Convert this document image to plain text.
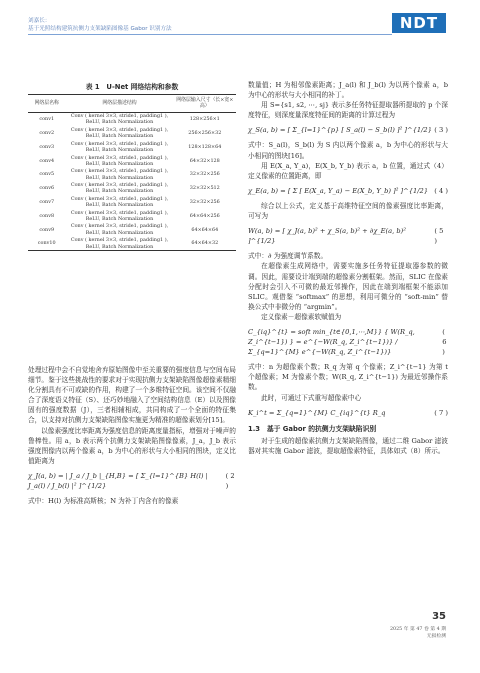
刘嘉长：
基于光照结构建筑抗侧力支架缺陷图像基 Gabor 识别方法	NDT
表 1　U-Net 网络结构和参数
网络层名称	网络层描述结构	网络层输入尺寸（长×宽×高）
conv1	Conv ( kernel 3×3, stride1, padding1 ), ReLU, Batch Normalization	128×256×1
conv2	Conv ( kernel 3×3, stride1, padding1 ), ReLU, Batch Normalization	256×256×32
conv3	Conv ( kernel 3×3, stride1, padding1 ), ReLU, Batch Normalization	128×128×64
conv4	Conv ( kernel 3×3, stride1, padding1 ), ReLU, Batch Normalization	64×32×128
conv5	Conv ( kernel 3×3, stride1, padding1 ), ReLU, Batch Normalization	32×32×256
conv6	Conv ( kernel 3×3, stride1, padding1 ), ReLU, Batch Normalization	32×32×512
conv7	Conv ( kernel 3×3, stride1, padding1 ), ReLU, Batch Normalization	32×32×256
conv8	Conv ( kernel 3×3, stride1, padding1 ), ReLU, Batch Normalization	64×64×256
conv9	Conv ( kernel 3×3, stride1, padding1 ), ReLU, Batch Normalization	64×64×64
conv10	Conv ( kernel 3×3, stride1, padding1 ), ReLU, Batch Normalization	64×64×32

处理过程中会不自觉地舍弃原始图像中至关重要的强度信息与空间布局细节。鉴于这些挑战性的要求对于实现抗侧力支架缺陷图像超像素精细化分割具有不可或缺的作用，构建了一个多维特征空间。该空间不仅融合了深度语义特征（S）、还巧妙地融入了空间结构信息（E）以及图像固有的强度数据（J），三者相辅相成，共同构成了一个全面的特征集合，以支持对抗侧力支架缺陷图像实施更为精准的超像素划分[15]。

以像素强度比率距离为强度信息的距离度量指标，增强对于噪声的鲁棒性。用 a，b 表示两个抗侧力支架缺陷图像像素，J_a，J_b 表示强度图像内以两个像素 a，b 为中心的形状与大小相同的图块，定义比值距离为

χ_J(a, b) = | J_a / J_b |_{H,B} = [ Σ_{l=1}^{B} H(l) | J_a(l) / J_b(l) |² ]^{1/2}
( 2 )

式中：H(l) 为标准高斯核；N 为补丁内含有的像素

数量值；H 为相邻像素距离；J_a(l) 和 J_b(l) 为以两个像素 a，b 为中心的形状与大小相同的补丁。

用 S={s1, s2, ⋯, sj} 表示多任务特征提取器所提取的 p 个深度特征，则深度量深度特征间的距离的计算过程为

χ_S(a, b) = [ Σ_{l=1}^{p} [ S_a(l) − S_b(l) ]² ]^{1/2} ( 3 )

式中：S_a(l)，S_b(l) 为 S 内以两个像素 a，b 为中心的形状与大小相同的图块[16]。

用 E(X_a, Y_a)，E(X_b, Y_b) 表示 a，b 位置，通过式（4）定义像素的位置距离，即

χ_E(a, b) = [ Σ [ E(X_a, Y_a) − E(X_b, Y_b) ]² ]^{1/2} ( 4 )

综合以上公式，定义基于高维特征空间的像素强度比率距离，可写为

W(a, b) = [ χ_J(a, b)² + χ_S(a, b)² + ∂χ_E(a, b)² ]^{1/2}
( 5 )

式中：∂ 为强度调节系数。

在超像素生成网络中，需要实施多任务特征提取器参数的微调。因此，需要设计端到端的超像素分割框架。然而，SLIC 在像素分配时会引入不可微的最近邻操作，因此在端到端框架不能添加 SLIC。观借鉴 “softmax” 的思想，利用可微分的 “soft-min” 替换公式中非微分的 “argmin”。

定义像素－超像素软赋值为

C_{iq}^{t} = soft min_{t∈{0,1,⋯,M}} { W(R_q, Z_i^{t−1}) } = e^{−W(R_q, Z_i^{t−1})} / Σ_{q=1}^{M} e^{−W(R_q, Z_i^{t−1})}
( 6 )

式中：n 为超像素个数；R_q 为第 q 个像素；Z_i^{t−1} 为第 t 个超像素；M 为像素个数；W(R_q, Z_i^{t−1}) 为最近邻操作系数。

此时，可通过下式重写超像素中心

K_i^t = Σ_{q=1}^{M} C_{iq}^{t} R_q	( 7 )
1.3　基于 Gabor 的抗侧力支架缺陷识别

对于生成的超像素抗侧力支架缺陷图像，通过二维 Gabor 滤波器对其实施 Gabor 滤波，提取超像素特征，具体如式（8）所示。

35
2025 年 第 47 卷 第 4 期
无损检测
